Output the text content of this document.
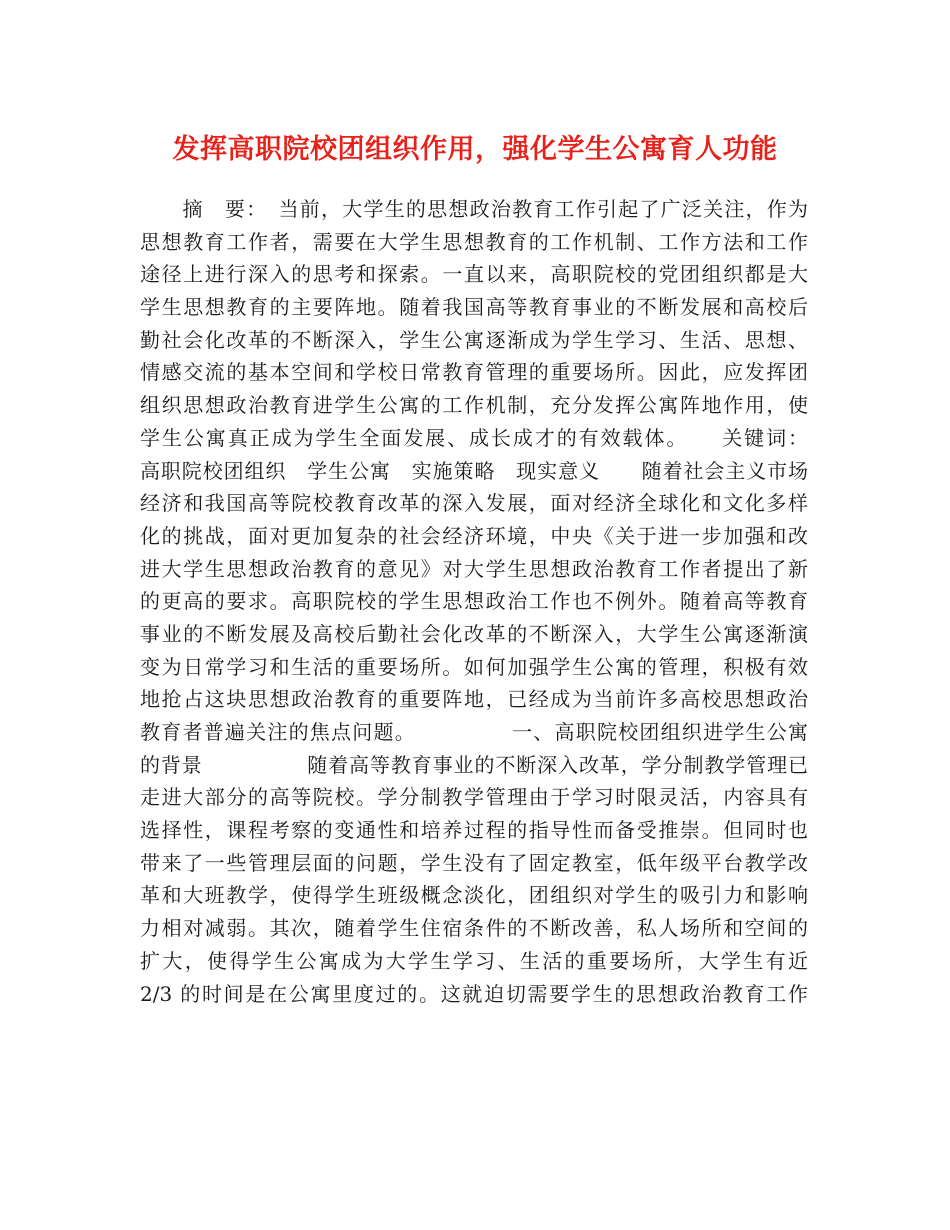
发挥高职院校团组织作用，强化学生公寓育人功能
　　摘　要：　当前，大学生的思想政治教育工作引起了广泛关注，作为
思想教育工作者，需要在大学生思想教育的工作机制、工作方法和工作
途径上进行深入的思考和探索。一直以来，高职院校的党团组织都是大
学生思想教育的主要阵地。随着我国高等教育事业的不断发展和高校后
勤社会化改革的不断深入，学生公寓逐渐成为学生学习、生活、思想、
情感交流的基本空间和学校日常教育管理的重要场所。因此，应发挥团
组织思想政治教育进学生公寓的工作机制，充分发挥公寓阵地作用，使
学生公寓真正成为学生全面发展、成长成才的有效载体。　　关键词：
高职院校团组织　学生公寓　实施策略　现实意义　　随着社会主义市场
经济和我国高等院校教育改革的深入发展，面对经济全球化和文化多样
化的挑战，面对更加复杂的社会经济环境，中央《关于进一步加强和改
进大学生思想政治教育的意见》对大学生思想政治教育工作者提出了新
的更高的要求。高职院校的学生思想政治工作也不例外。随着高等教育
事业的不断发展及高校后勤社会化改革的不断深入，大学生公寓逐渐演
变为日常学习和生活的重要场所。如何加强学生公寓的管理，积极有效
地抢占这块思想政治教育的重要阵地，已经成为当前许多高校思想政治
教育者普遍关注的焦点问题。　　　　　一、高职院校团组织进学生公寓
的背景　　　　　随着高等教育事业的不断深入改革，学分制教学管理已
走进大部分的高等院校。学分制教学管理由于学习时限灵活，内容具有
选择性，课程考察的变通性和培养过程的指导性而备受推崇。但同时也
带来了一些管理层面的问题，学生没有了固定教室，低年级平台教学改
革和大班教学，使得学生班级概念淡化，团组织对学生的吸引力和影响
力相对减弱。其次，随着学生住宿条件的不断改善，私人场所和空间的
扩大，使得学生公寓成为大学生学习、生活的重要场所，大学生有近
2/3 的时间是在公寓里度过的。这就迫切需要学生的思想政治教育工作
